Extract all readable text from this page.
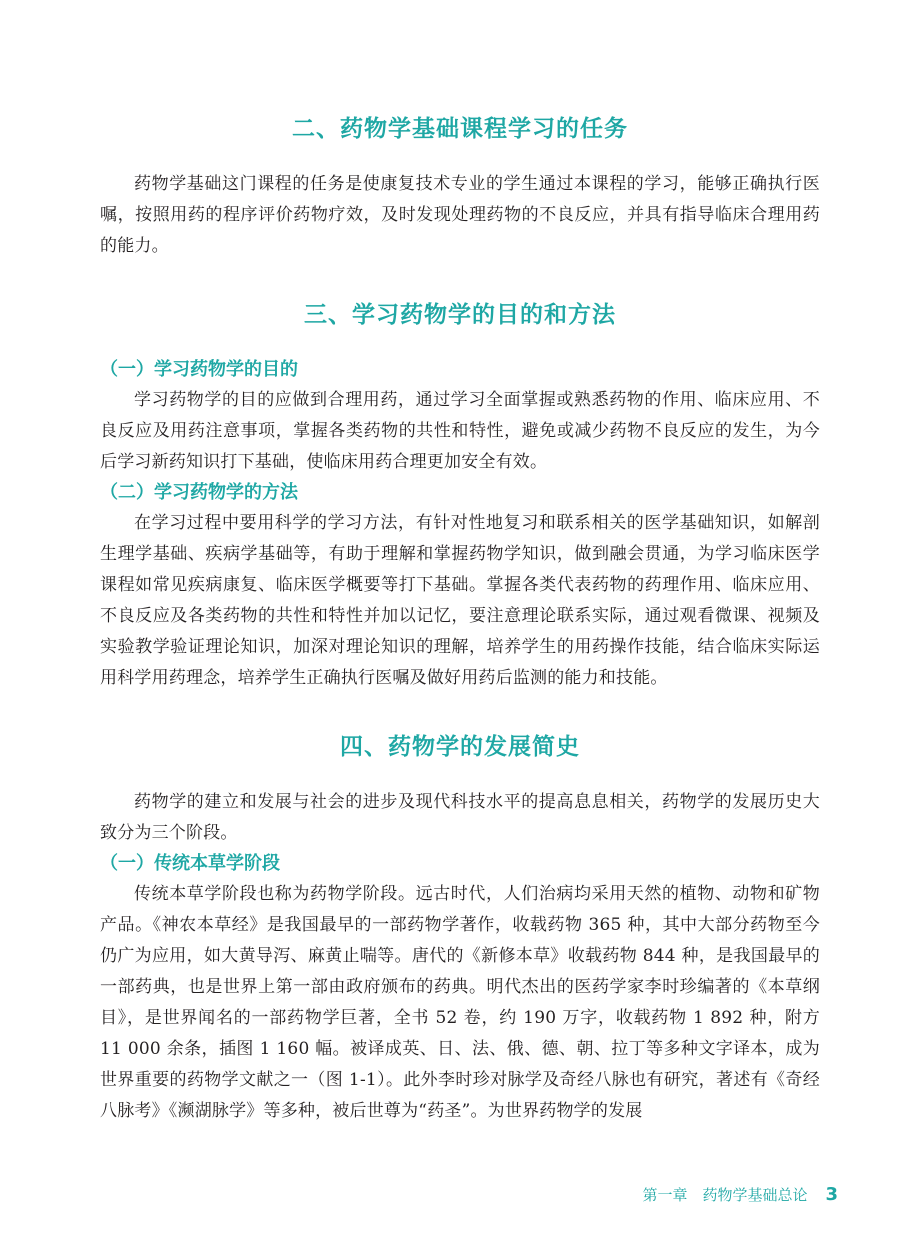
二、药物学基础课程学习的任务

药物学基础这门课程的任务是使康复技术专业的学生通过本课程的学习，能够正确执行医嘱，按照用药的程序评价药物疗效，及时发现处理药物的不良反应，并具有指导临床合理用药的能力。

三、学习药物学的目的和方法
（一）学习药物学的目的

学习药物学的目的应做到合理用药，通过学习全面掌握或熟悉药物的作用、临床应用、不良反应及用药注意事项，掌握各类药物的共性和特性，避免或减少药物不良反应的发生，为今后学习新药知识打下基础，使临床用药合理更加安全有效。

（二）学习药物学的方法

在学习过程中要用科学的学习方法，有针对性地复习和联系相关的医学基础知识，如解剖生理学基础、疾病学基础等，有助于理解和掌握药物学知识，做到融会贯通，为学习临床医学课程如常见疾病康复、临床医学概要等打下基础。掌握各类代表药物的药理作用、临床应用、不良反应及各类药物的共性和特性并加以记忆，要注意理论联系实际，通过观看微课、视频及实验教学验证理论知识，加深对理论知识的理解，培养学生的用药操作技能，结合临床实际运用科学用药理念，培养学生正确执行医嘱及做好用药后监测的能力和技能。

四、药物学的发展简史

药物学的建立和发展与社会的进步及现代科技水平的提高息息相关，药物学的发展历史大致分为三个阶段。

（一）传统本草学阶段

传统本草学阶段也称为药物学阶段。远古时代，人们治病均采用天然的植物、动物和矿物产品。《神农本草经》是我国最早的一部药物学著作，收载药物 365 种，其中大部分药物至今仍广为应用，如大黄导泻、麻黄止喘等。唐代的《新修本草》收载药物 844 种，是我国最早的一部药典，也是世界上第一部由政府颁布的药典。明代杰出的医药学家李时珍编著的《本草纲目》，是世界闻名的一部药物学巨著，全书 52 卷，约 190 万字，收载药物 1 892 种，附方 11 000 余条，插图 1 160 幅。被译成英、日、法、俄、德、朝、拉丁等多种文字译本，成为世界重要的药物学文献之一（图 1-1）。此外李时珍对脉学及奇经八脉也有研究，著述有《奇经八脉考》《濒湖脉学》等多种，被后世尊为“药圣”。为世界药物学的发展

第一章　药物学基础总论 3
